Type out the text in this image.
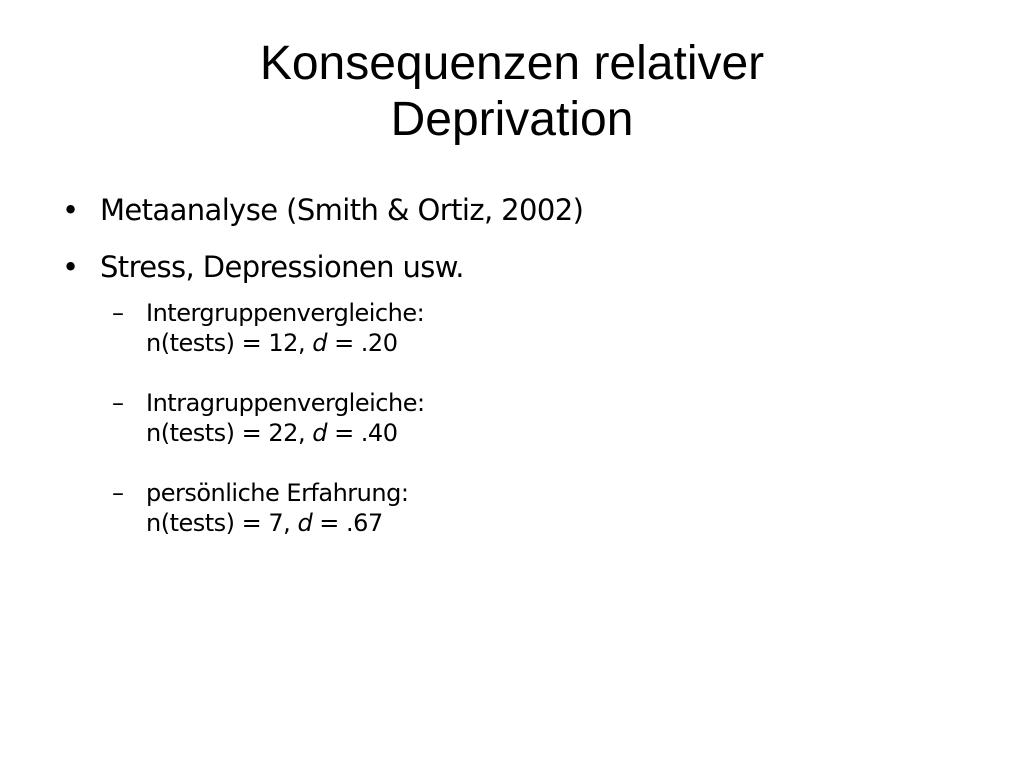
Konsequenzen relativer
Deprivation
• Metaanalyse (Smith & Ortiz, 2002)
• Stress, Depressionen usw.
– Intergruppenvergleiche:
n(tests) = 12, d = .20
– Intragruppenvergleiche:
n(tests) = 22, d = .40
– persönliche Erfahrung:
n(tests) = 7, d = .67
